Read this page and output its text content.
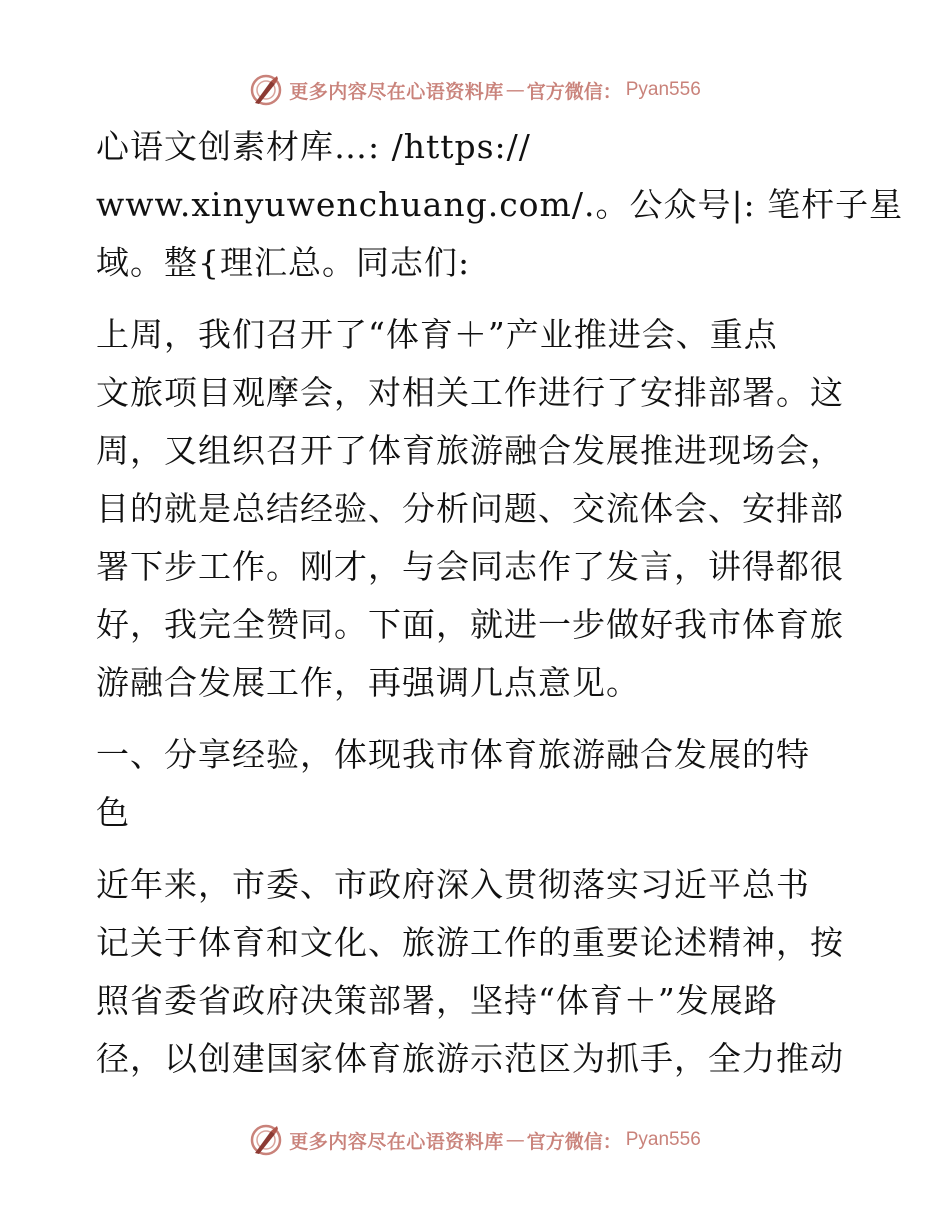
更多内容尽在心语资料库 — 官方微信： Pyan556

心语文创素材库…: /https://
www.xinyuwenchuang.com/.。公众号|: 笔杆子星
域。整{理汇总。同志们:

上周，我们召开了“体育＋”产业推进会、重点
文旅项目观摩会，对相关工作进行了安排部署。这
周，又组织召开了体育旅游融合发展推进现场会，
目的就是总结经验、分析问题、交流体会、安排部
署下步工作。刚才，与会同志作了发言，讲得都很
好，我完全赞同。下面，就进一步做好我市体育旅
游融合发展工作，再强调几点意见。

一、分享经验，体现我市体育旅游融合发展的特
色

近年来，市委、市政府深入贯彻落实习近平总书
记关于体育和文化、旅游工作的重要论述精神，按
照省委省政府决策部署，坚持“体育＋”发展路
径，以创建国家体育旅游示范区为抓手，全力推动

更多内容尽在心语资料库 — 官方微信： Pyan556
